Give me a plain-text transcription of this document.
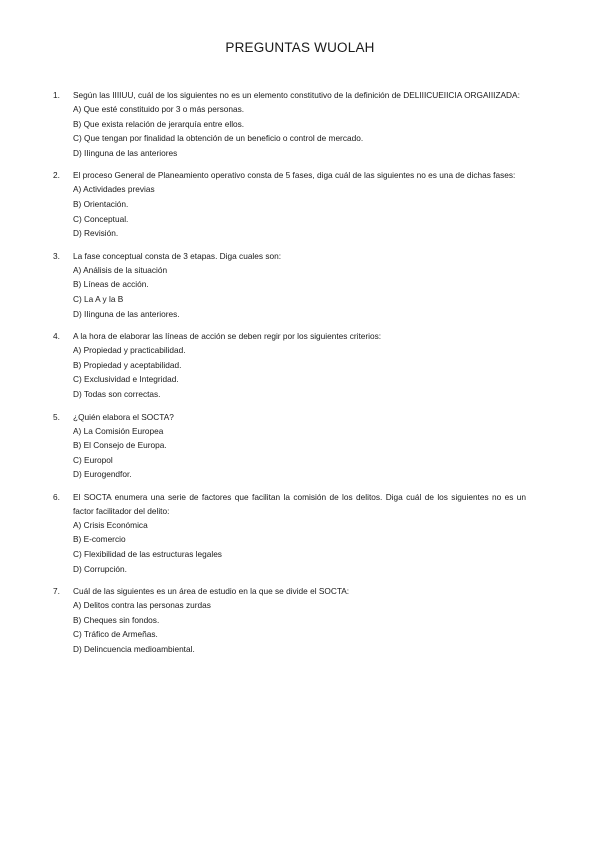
PREGUNTAS WUOLAH
1. Según las IIIIUU, cuál de los siguientes no es un elemento constitutivo de la definición de DELIIICUEIICIA ORGAIIIZADA:
A) Que esté constituido por 3 o más personas.
B) Que exista relación de jerarquía entre ellos.
C) Que tengan por finalidad la obtención de un beneficio o control de mercado.
D) IIinguna de las anteriores
2. El proceso General de Planeamiento operativo consta de 5 fases, diga cuál de las siguientes no es una de dichas fases:
A) Actividades previas
B) Orientación.
C) Conceptual.
D) Revisión.
3. La fase conceptual consta de 3 etapas. Diga cuales son:
A) Análisis de la situación
B) Líneas de acción.
C) La A y la B
D) IIinguna de las anteriores.
4. A la hora de elaborar las líneas de acción se deben regir por los siguientes criterios:
A) Propiedad y practicabilidad.
B) Propiedad y aceptabilidad.
C) Exclusividad e Integridad.
D) Todas son correctas.
5. ¿Quién elabora el SOCTA?
A) La Comisión Europea
B) El Consejo de Europa.
C) Europol
D) Eurogendfor.
6. El SOCTA enumera una serie de factores que facilitan la comisión de los delitos. Diga cuál de los siguientes no es un factor facilitador del delito:
A) Crisis Económica
B) E-comercio
C) Flexibilidad de las estructuras legales
D) Corrupción.
7. Cuál de las siguientes es un área de estudio en la que se divide el SOCTA:
A) Delitos contra las personas zurdas
B) Cheques sin fondos.
C) Tráfico de Armeñas.
D) Delincuencia medioambiental.
